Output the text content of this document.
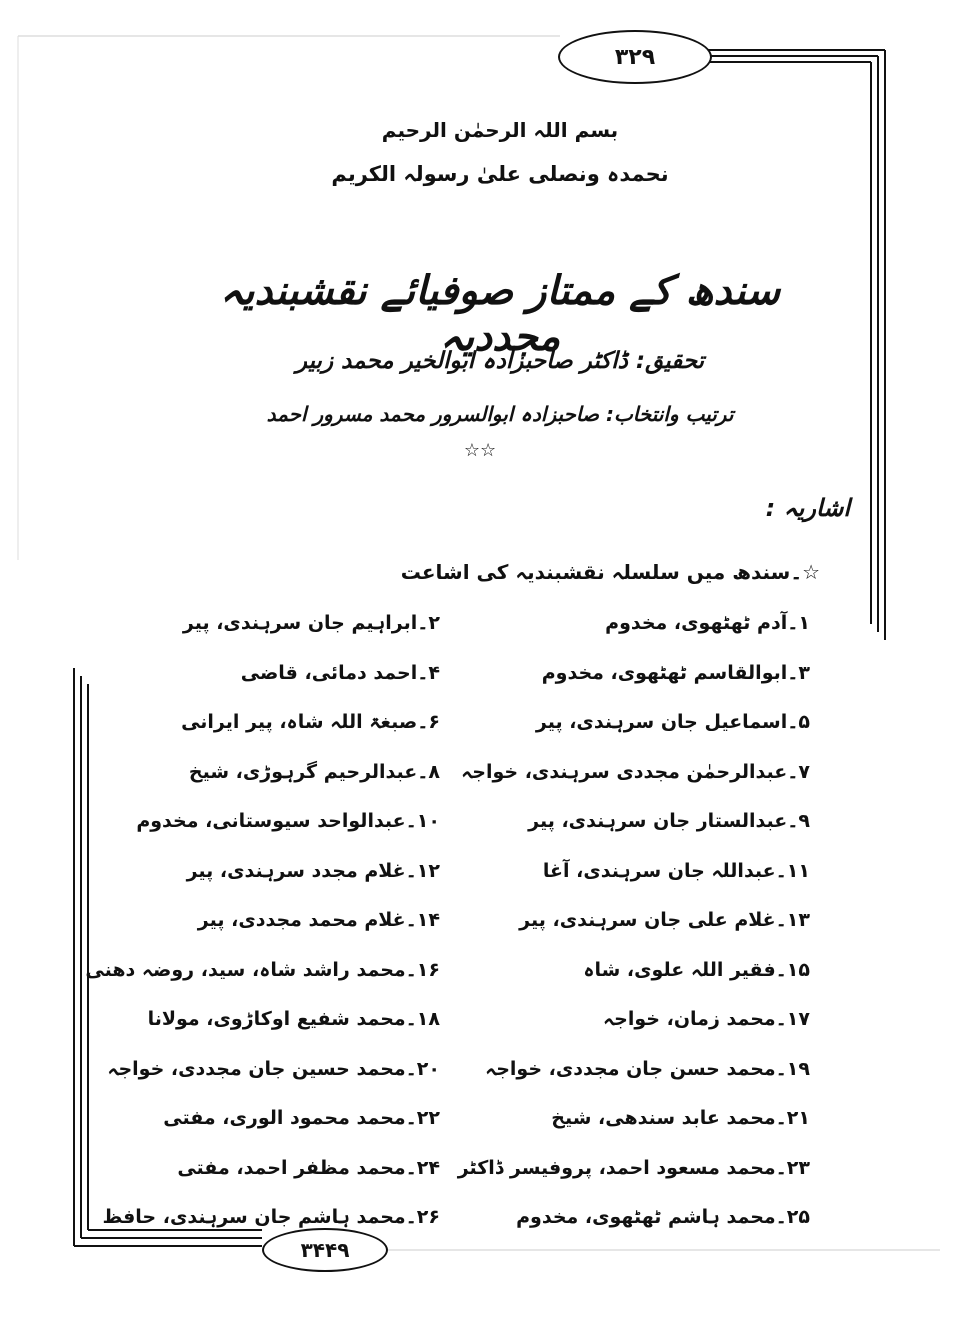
۳۲۹
۳۴۴۹
بسم اللہ الرحمٰن الرحیم
نحمدہ ونصلی علیٰ رسولہ الکریم
سندھ کے ممتاز صوفیائے نقشبندیہ مجددیہ
تحقیق: ڈاکٹر صاحبزادہ ابوالخیر محمد زبیر
ترتیب وانتخاب: صاحبزادہ ابوالسرور محمد مسرور احمد
☆☆
اشاریہ :
☆۔سندھ میں سلسلہ نقشبندیہ کی اشاعت
۱۔آدم ٹھٹھوی، مخدوم
۲۔ابراہیم جان سرہندی، پیر
۳۔ابوالقاسم ٹھٹھوی، مخدوم
۴۔احمد دمائی، قاضی
۵۔اسماعیل جان سرہندی، پیر
۶۔صبغۃ اللہ شاہ، پیر ایرانی
۷۔عبدالرحمٰن مجددی سرہندی، خواجہ
۸۔عبدالرحیم گرہوڑی، شیخ
۹۔عبدالستار جان سرہندی، پیر
۱۰۔عبدالواحد سیوستانی، مخدوم
۱۱۔عبداللہ جان سرہندی، آغا
۱۲۔غلام مجدد سرہندی، پیر
۱۳۔غلام علی جان سرہندی، پیر
۱۴۔غلام محمد مجددی، پیر
۱۵۔فقیر اللہ علوی، شاہ
۱۶۔محمد راشد شاہ، سید، روضہ دھنی
۱۷۔محمد زمان، خواجہ
۱۸۔محمد شفیع اوکاڑوی، مولانا
۱۹۔محمد حسن جان مجددی، خواجہ
۲۰۔محمد حسین جان مجددی، خواجہ
۲۱۔محمد عابد سندھی، شیخ
۲۲۔محمد محمود الوری، مفتی
۲۳۔محمد مسعود احمد، پروفیسر ڈاکٹر
۲۴۔محمد مظفر احمد، مفتی
۲۵۔محمد ہاشم ٹھٹھوی، مخدوم
۲۶۔محمد ہاشم جان سرہندی، حافظ
